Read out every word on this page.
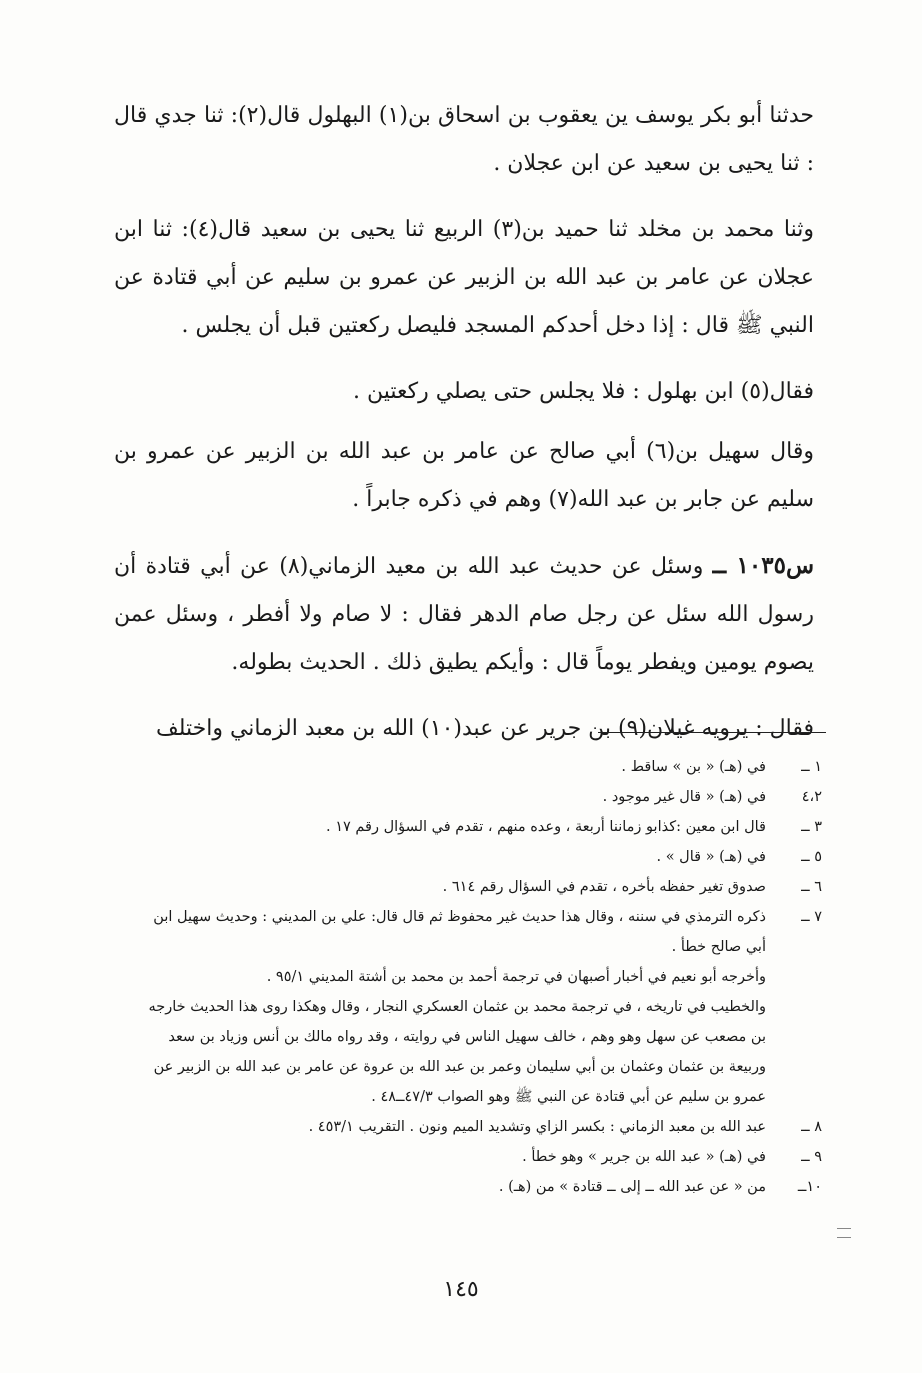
حدثنا أبو بكر يوسف ين يعقوب بن اسحاق بن(١) البهلول قال(٢): ثنا جدي قال : ثنا يحيى بن سعيد عن ابن عجلان .

وثنا محمد بن مخلد ثنا حميد بن(٣) الربيع ثنا يحيى بن سعيد قال(٤): ثنا ابن عجلان عن عامر بن عبد الله بن الزبير عن عمرو بن سليم عن أبي قتادة عن النبي ﷺ قال : إذا دخل أحدكم المسجد فليصل ركعتين قبل أن يجلس .

فقال(٥) ابن بهلول : فلا يجلس حتى يصلي ركعتين .

وقال سهيل بن(٦) أبي صالح عن عامر بن عبد الله بن الزبير عن عمرو بن سليم عن جابر بن عبد الله(٧) وهم في ذكره جابراً .

س١٠٣٥ ــ وسئل عن حديث عبد الله بن معيد الزماني(٨) عن أبي قتادة أن رسول الله سئل عن رجل صام الدهر فقال : لا صام ولا أفطر ، وسئل عمن يصوم يومين ويفطر يوماً قال : وأيكم يطيق ذلك . الحديث بطوله.

فقال : يرويه غيلان(٩) بن جرير عن عبد(١٠) الله بن معبد الزماني واختلف

١ ــ
في (هـ) « بن » ساقط .
٤،٢
في (هـ) « قال غير موجود .
٣ ــ
قال ابن معين :كذابو زماننا أربعة ، وعده منهم ، تقدم في السؤال رقم ١٧ .
٥ ــ
في (هـ) « قال » .
٦ ــ
صدوق تغير حفظه بأخره ، تقدم في السؤال رقم ٦١٤ .
٧ ــ
ذكره الترمذي في سننه ، وقال هذا حديث غير محفوظ ثم قال قال: علي بن المديني : وحديث سهيل ابن أبي صالح خطأ .
وأخرجه أبو نعيم في أخبار أصبهان في ترجمة أحمد بن محمد بن أشتة المديني ٩٥/١ .
والخطيب في تاريخه ، في ترجمة محمد بن عثمان العسكري النجار ، وقال وهكذا روى هذا الحديث خارجه بن مصعب عن سهل وهو وهم ، خالف سهيل الناس في روايته ، وقد رواه مالك بن أنس وزياد بن سعد وربيعة بن عثمان وعثمان بن أبي سليمان وعمر بن عبد الله بن عروة عن عامر بن عبد الله بن الزبير عن عمرو بن سليم عن أبي قتادة عن النبي ﷺ وهو الصواب ٤٧/٣ــ٤٨ .
٨ ــ
عبد الله بن معبد الزماني : بكسر الزاي وتشديد الميم ونون . التقريب ٤٥٣/١ .
٩ ــ
في (هـ) « عبد الله بن جرير » وهو خطأ .
١٠ــ
من « عن عبد الله ــ إلى ــ قتادة » من (هـ) .
١٤٥
